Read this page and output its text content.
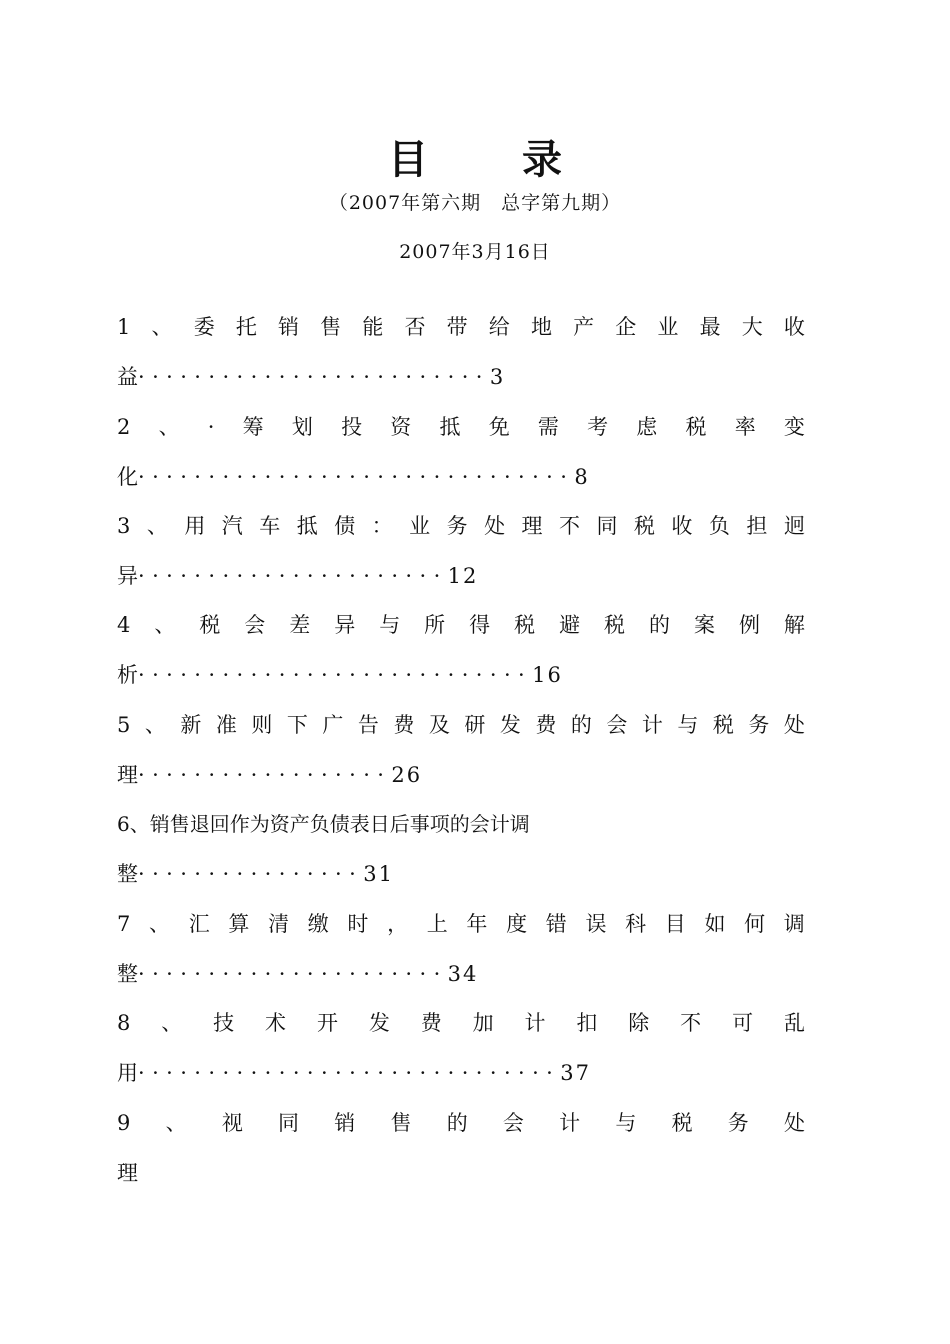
目 录
（2007年第六期　总字第九期）
2007年3月16日
1 、 委 托 销 售 能 否 带 给 地 产 企 业 最 大 收
益·························3
2 、 · 筹 划 投 资 抵 免 需 考 虑 税 率 变
化·······························8
3 、 用 汽 车 抵 债 ： 业 务 处 理 不 同 税 收 负 担 迥
异······················12
4 、 税 会 差 异 与 所 得 税 避 税 的 案 例 解
析····························16
5 、 新 准 则 下 广 告 费 及 研 发 费 的 会 计 与 税 务 处
理··················26
6、销售退回作为资产负债表日后事项的会计调
整················31
7 、 汇 算 清 缴 时 ， 上 年 度 错 误 科 目 如 何 调
整······················34
8 、 技 术 开 发 费 加 计 扣 除 不 可 乱
用······························37
9 、 视 同 销 售 的 会 计 与 税 务 处
理
